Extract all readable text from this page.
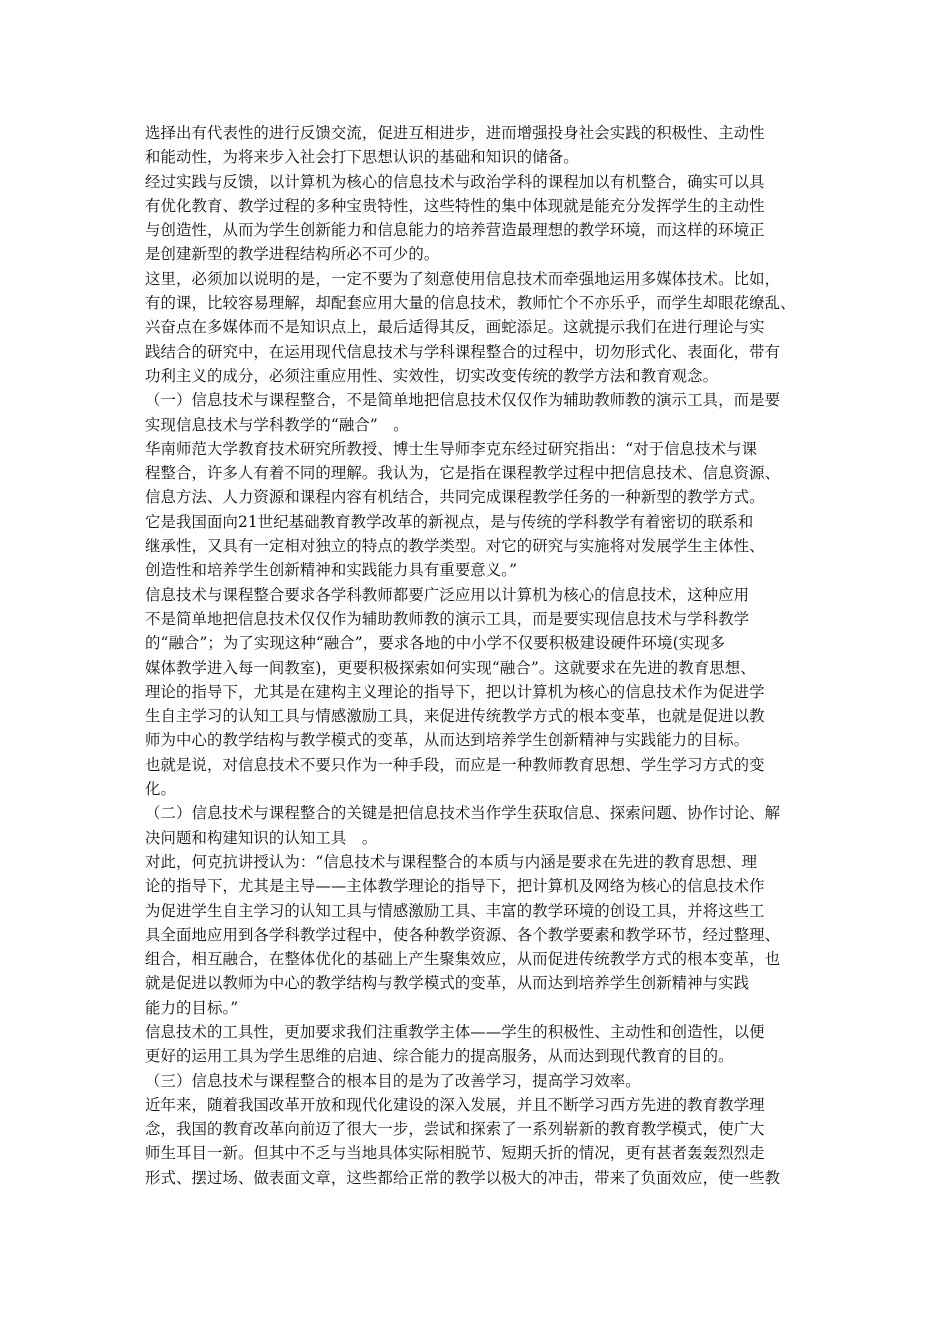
选择出有代表性的进行反馈交流，促进互相进步，进而增强投身社会实践的积极性、主动性
和能动性，为将来步入社会打下思想认识的基础和知识的储备。
经过实践与反馈，以计算机为核心的信息技术与政治学科的课程加以有机整合，确实可以具
有优化教育、教学过程的多种宝贵特性，这些特性的集中体现就是能充分发挥学生的主动性
与创造性，从而为学生创新能力和信息能力的培养营造最理想的教学环境，而这样的环境正
是创建新型的教学进程结构所必不可少的。
这里，必须加以说明的是，一定不要为了刻意使用信息技术而牵强地运用多媒体技术。比如，
有的课，比较容易理解，却配套应用大量的信息技术，教师忙个不亦乐乎，而学生却眼花缭乱、
兴奋点在多媒体而不是知识点上，最后适得其反，画蛇添足。这就提示我们在进行理论与实
践结合的研究中，在运用现代信息技术与学科课程整合的过程中，切勿形式化、表面化，带有
功利主义的成分，必须注重应用性、实效性，切实改变传统的教学方法和教育观念。
（一）信息技术与课程整合，不是简单地把信息技术仅仅作为辅助教师教的演示工具，而是要
实现信息技术与学科教学的“融合”　。
华南师范大学教育技术研究所教授、博士生导师李克东经过研究指出：“对于信息技术与课
程整合，许多人有着不同的理解。我认为，它是指在课程教学过程中把信息技术、信息资源、
信息方法、人力资源和课程内容有机结合，共同完成课程教学任务的一种新型的教学方式。
它是我国面向21世纪基础教育教学改革的新视点，是与传统的学科教学有着密切的联系和
继承性，又具有一定相对独立的特点的教学类型。对它的研究与实施将对发展学生主体性、
创造性和培养学生创新精神和实践能力具有重要意义。”
信息技术与课程整合要求各学科教师都要广泛应用以计算机为核心的信息技术，这种应用
不是简单地把信息技术仅仅作为辅助教师教的演示工具，而是要实现信息技术与学科教学
的“融合”；为了实现这种“融合”，要求各地的中小学不仅要积极建设硬件环境(实现多
媒体教学进入每一间教室)，更要积极探索如何实现“融合”。这就要求在先进的教育思想、
理论的指导下，尤其是在建构主义理论的指导下，把以计算机为核心的信息技术作为促进学
生自主学习的认知工具与情感激励工具，来促进传统教学方式的根本变革，也就是促进以教
师为中心的教学结构与教学模式的变革，从而达到培养学生创新精神与实践能力的目标。
也就是说，对信息技术不要只作为一种手段，而应是一种教师教育思想、学生学习方式的变
化。
（二）信息技术与课程整合的关键是把信息技术当作学生获取信息、探索问题、协作讨论、解
决问题和构建知识的认知工具　。
对此，何克抗讲授认为：“信息技术与课程整合的本质与内涵是要求在先进的教育思想、理
论的指导下，尤其是主导——主体教学理论的指导下，把计算机及网络为核心的信息技术作
为促进学生自主学习的认知工具与情感激励工具、丰富的教学环境的创设工具，并将这些工
具全面地应用到各学科教学过程中，使各种教学资源、各个教学要素和教学环节，经过整理、
组合，相互融合，在整体优化的基础上产生聚集效应，从而促进传统教学方式的根本变革，也
就是促进以教师为中心的教学结构与教学模式的变革，从而达到培养学生创新精神与实践
能力的目标。”
信息技术的工具性，更加要求我们注重教学主体——学生的积极性、主动性和创造性，以便
更好的运用工具为学生思维的启迪、综合能力的提高服务，从而达到现代教育的目的。
（三）信息技术与课程整合的根本目的是为了改善学习，提高学习效率。
近年来，随着我国改革开放和现代化建设的深入发展，并且不断学习西方先进的教育教学理
念，我国的教育改革向前迈了很大一步，尝试和探索了一系列崭新的教育教学模式，使广大
师生耳目一新。但其中不乏与当地具体实际相脱节、短期夭折的情况，更有甚者轰轰烈烈走
形式、摆过场、做表面文章，这些都给正常的教学以极大的冲击，带来了负面效应，使一些教
